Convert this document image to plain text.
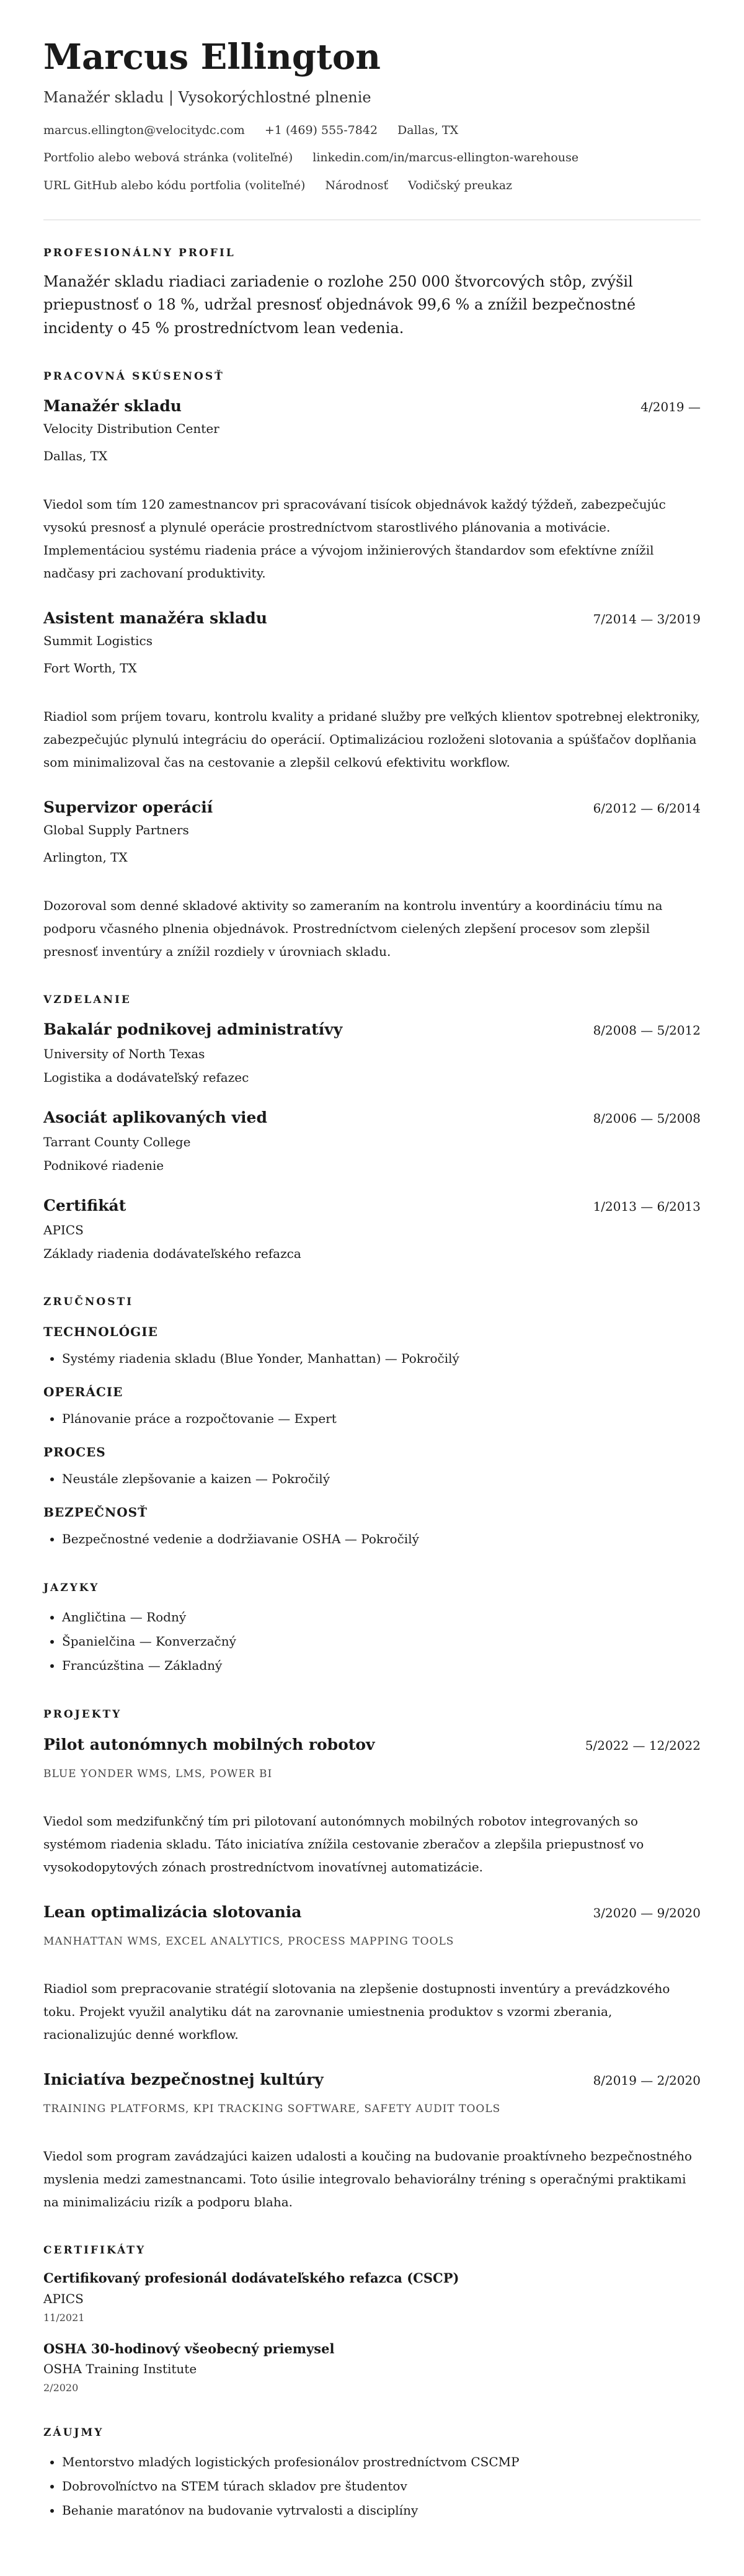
Marcus Ellington
Manažér skladu | Vysokorýchlostné plnenie
marcus.ellington@velocitydc.com +1 (469) 555-7842 Dallas, TX
Portfolio alebo webová stránka (voliteľné) linkedin.com/in/marcus-ellington-warehouse
URL GitHub alebo kódu portfolia (voliteľné) Národnosť Vodičský preukaz
PROFESIONÁLNY PROFIL

Manažér skladu riadiaci zariadenie o rozlohe 250 000 štvorcových stôp, zvýšil priepustnosť o 18 %, udržal presnosť objednávok 99,6 % a znížil bezpečnostné incidenty o 45 % prostredníctvom lean vedenia.

PRACOVNÁ SKÚSENOSŤ
Manažér skladu	4/2019 —
Velocity Distribution Center
Dallas, TX

Viedol som tím 120 zamestnancov pri spracovávaní tisícok objednávok každý týždeň, zabezpečujúc vysokú presnosť a plynulé operácie prostredníctvom starostlivého plánovania a motivácie. Implementáciou systému riadenia práce a vývojom inžinierových štandardov som efektívne znížil nadčasy pri zachovaní produktivity.

Asistent manažéra skladu	7/2014 — 3/2019
Summit Logistics
Fort Worth, TX

Riadiol som príjem tovaru, kontrolu kvality a pridané služby pre veľkých klientov spotrebnej elektroniky, zabezpečujúc plynulú integráciu do operácií. Optimalizáciou rozloženi slotovania a spúšťačov doplňania som minimalizoval čas na cestovanie a zlepšil celkovú efektivitu workflow.

Supervizor operácií	6/2012 — 6/2014
Global Supply Partners
Arlington, TX

Dozoroval som denné skladové aktivity so zameraním na kontrolu inventúry a koordináciu tímu na podporu včasného plnenia objednávok. Prostredníctvom cielených zlepšení procesov som zlepšil presnosť inventúry a znížil rozdiely v úrovniach skladu.

VZDELANIE
Bakalár podnikovej administratívy	8/2008 — 5/2012
University of North Texas
Logistika a dodávateľský refazec
Asociát aplikovaných vied	8/2006 — 5/2008
Tarrant County College
Podnikové riadenie
Certifikát	1/2013 — 6/2013
APICS
Základy riadenia dodávateľského refazca
ZRUČNOSTI
TECHNOLÓGIE
• Systémy riadenia skladu (Blue Yonder, Manhattan) — Pokročilý
OPERÁCIE
• Plánovanie práce a rozpočtovanie — Expert
PROCES
• Neustále zlepšovanie a kaizen — Pokročilý
BEZPEČNOSŤ
• Bezpečnostné vedenie a dodržiavanie OSHA — Pokročilý
JAZYKY
• Angličtina — Rodný
• Španielčina — Konverzačný
• Francúzština — Základný
PROJEKTY
Pilot autonómnych mobilných robotov	5/2022 — 12/2022
BLUE YONDER WMS, LMS, POWER BI

Viedol som medzifunkčný tím pri pilotovaní autonómnych mobilných robotov integrovaných so systémom riadenia skladu. Táto iniciatíva znížila cestovanie zberačov a zlepšila priepustnosť vo vysokodopytových zónach prostredníctvom inovatívnej automatizácie.

Lean optimalizácia slotovania	3/2020 — 9/2020
MANHATTAN WMS, EXCEL ANALYTICS, PROCESS MAPPING TOOLS

Riadiol som prepracovanie stratégií slotovania na zlepšenie dostupnosti inventúry a prevádzkového toku. Projekt využil analytiku dát na zarovnanie umiestnenia produktov s vzormi zberania, racionalizujúc denné workflow.

Iniciatíva bezpečnostnej kultúry	8/2019 — 2/2020
TRAINING PLATFORMS, KPI TRACKING SOFTWARE, SAFETY AUDIT TOOLS

Viedol som program zavádzajúci kaizen udalosti a koučing na budovanie proaktívneho bezpečnostného myslenia medzi zamestnancami. Toto úsilie integrovalo behaviorálny tréning s operačnými praktikami na minimalizáciu rizík a podporu blaha.

CERTIFIKÁTY
Certifikovaný profesionál dodávateľského refazca (CSCP)
APICS
11/2021
OSHA 30-hodinový všeobecný priemysel
OSHA Training Institute
2/2020
ZÁUJMY
• Mentorstvo mladých logistických profesionálov prostredníctvom CSCMP
• Dobrovoľníctvo na STEM túrach skladov pre študentov
• Behanie maratónov na budovanie vytrvalosti a disciplíny
